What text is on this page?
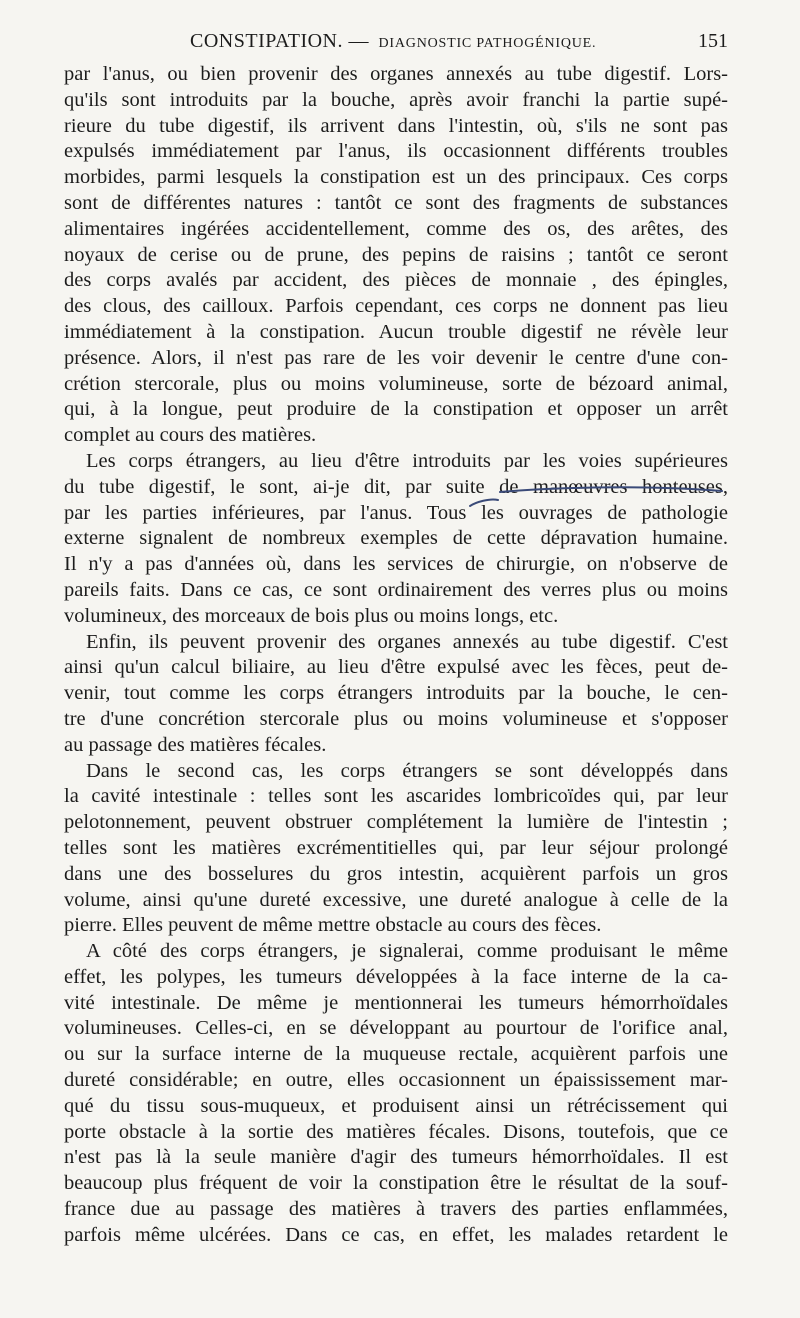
CONSTIPATION. — DIAGNOSTIC PATHOGÉNIQUE.	151
par l'anus, ou bien provenir des organes annexés au tube digestif. Lors-
qu'ils sont introduits par la bouche, après avoir franchi la partie supé-
rieure du tube digestif, ils arrivent dans l'intestin, où, s'ils ne sont pas
expulsés immédiatement par l'anus, ils occasionnent différents troubles
morbides, parmi lesquels la constipation est un des principaux. Ces corps
sont de différentes natures : tantôt ce sont des fragments de substances
alimentaires ingérées accidentellement, comme des os, des arêtes, des
noyaux de cerise ou de prune, des pepins de raisins ; tantôt ce seront
des corps avalés par accident, des pièces de monnaie , des épingles,
des clous, des cailloux. Parfois cependant, ces corps ne donnent pas lieu
immédiatement à la constipation. Aucun trouble digestif ne révèle leur
présence. Alors, il n'est pas rare de les voir devenir le centre d'une con-
crétion stercorale, plus ou moins volumineuse, sorte de bézoard animal,
qui, à la longue, peut produire de la constipation et opposer un arrêt
complet au cours des matières.
Les corps étrangers, au lieu d'être introduits par les voies supérieures
du tube digestif, le sont, ai-je dit, par suite de manœuvres honteuses,
par les parties inférieures, par l'anus. Tous les ouvrages de pathologie
externe signalent de nombreux exemples de cette dépravation humaine.
Il n'y a pas d'années où, dans les services de chirurgie, on n'observe de
pareils faits. Dans ce cas, ce sont ordinairement des verres plus ou moins
volumineux, des morceaux de bois plus ou moins longs, etc.
Enfin, ils peuvent provenir des organes annexés au tube digestif. C'est
ainsi qu'un calcul biliaire, au lieu d'être expulsé avec les fèces, peut de-
venir, tout comme les corps étrangers introduits par la bouche, le cen-
tre d'une concrétion stercorale plus ou moins volumineuse et s'opposer
au passage des matières fécales.
Dans le second cas, les corps étrangers se sont développés dans
la cavité intestinale : telles sont les ascarides lombricoïdes qui, par leur
pelotonnement, peuvent obstruer complétement la lumière de l'intestin ;
telles sont les matières excrémentitielles qui, par leur séjour prolongé
dans une des bosselures du gros intestin, acquièrent parfois un gros
volume, ainsi qu'une dureté excessive, une dureté analogue à celle de la
pierre. Elles peuvent de même mettre obstacle au cours des fèces.
A côté des corps étrangers, je signalerai, comme produisant le même
effet, les polypes, les tumeurs développées à la face interne de la ca-
vité intestinale. De même je mentionnerai les tumeurs hémorrhoïdales
volumineuses. Celles-ci, en se développant au pourtour de l'orifice anal,
ou sur la surface interne de la muqueuse rectale, acquièrent parfois une
dureté considérable; en outre, elles occasionnent un épaississement mar-
qué du tissu sous-muqueux, et produisent ainsi un rétrécissement qui
porte obstacle à la sortie des matières fécales. Disons, toutefois, que ce
n'est pas là la seule manière d'agir des tumeurs hémorrhoïdales. Il est
beaucoup plus fréquent de voir la constipation être le résultat de la souf-
france due au passage des matières à travers des parties enflammées,
parfois même ulcérées. Dans ce cas, en effet, les malades retardent le
